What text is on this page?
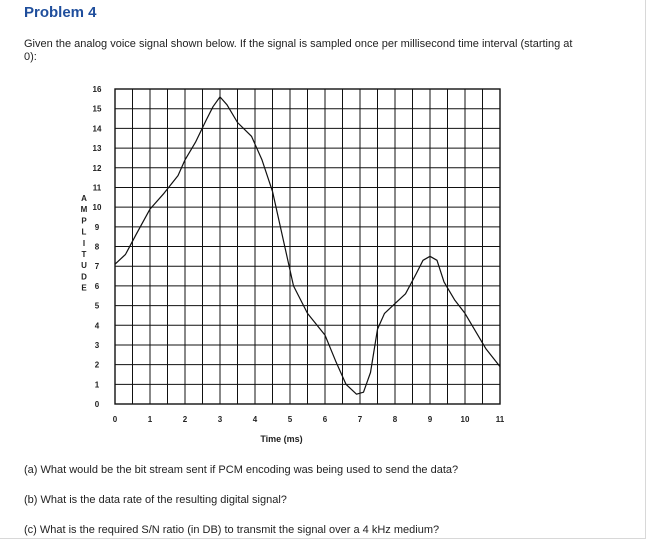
Problem 4
Given the analog voice signal shown below. If the signal is sampled once per millisecond time interval (starting at 0):
0
1
2
3
4
5
6
7
8
9
10
11
12
13
14
15
16
0	1	2	3	4	5	6	7	8	9	10	11
A
M
P
L
I
T
U
D
E
Time (ms)
(a) What would be the bit stream sent if PCM encoding was being used to send the data?
(b) What is the data rate of the resulting digital signal?
(c) What is the required S/N ratio (in DB) to transmit the signal over a 4 kHz medium?
